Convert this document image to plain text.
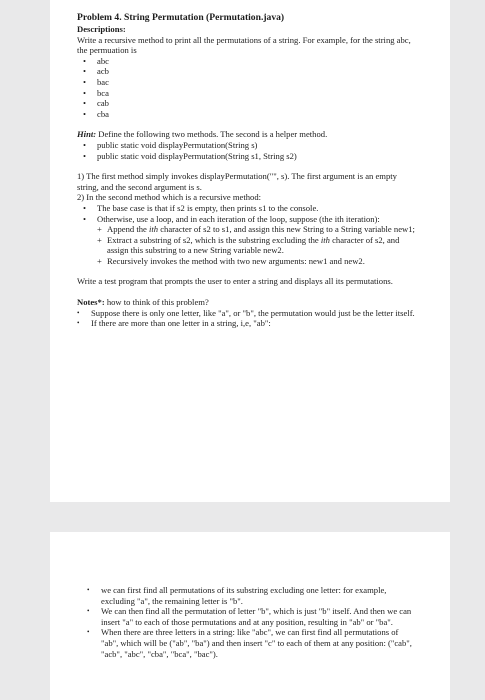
Problem 4. String Permutation (Permutation.java)
Descriptions:

Write a recursive method to print all the permutations of a string. For example, for the string abc, the permuation is

• abc
• acb
• bac
• bca
• cab
• cba

Hint: Define the following two methods. The second is a helper method.

• public static void displayPermutation(String s)
• public static void displayPermutation(String s1, String s2)

1) The first method simply invokes displayPermutation("", s). The first argument is an empty string, and the second argument is s.

2) In the second method which is a recursive method:

• The base case is that if s2 is empty, then prints s1 to the console.
• Otherwise, use a loop, and in each iteration of the loop, suppose (the ith iteration):
+ Append the ith character of s2 to s1, and assign this new String to a String variable new1;
+ Extract a substring of s2, which is the substring excluding the ith character of s2, and assign this substring to a new String variable new2.
+ Recursively invokes the method with two new arguments: new1 and new2.

Write a test program that prompts the user to enter a string and displays all its permutations.

Notes*: how to think of this problem?

• Suppose there is only one letter, like "a", or "b", the permutation would just be the letter itself.
• If there are more than one letter in a string, i,e, "ab":
• we can first find all permutations of its substring excluding one letter: for example, excluding "a", the remaining letter is "b".
• We can then find all the permutation of letter "b", which is just "b" itself. And then we can insert "a" to each of those permutations and at any position, resulting in "ab" or "ba".
• When there are three letters in a string: like "abc", we can first find all permutations of "ab", which will be ("ab", "ba") and then insert "c" to each of them at any position: ("cab", "acb", "abc", "cba", "bca", "bac").
